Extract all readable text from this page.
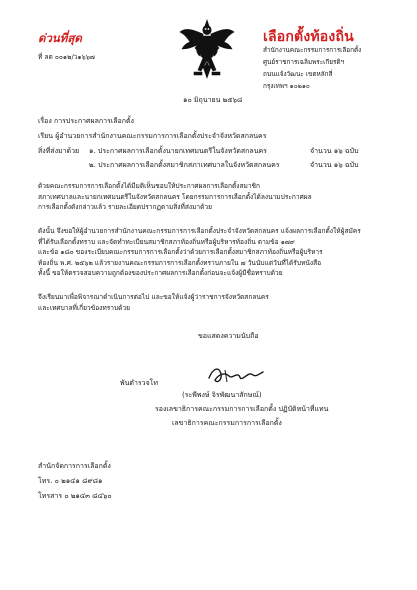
ด่วนที่สุด
ที่ ลต ๐๐๑๒/ว๑๖๖๗
เลือกตั้งท้องถิ่น
สำนักงานคณะกรรมการการเลือกตั้ง
ศูนย์ราชการเฉลิมพระเกียรติฯ
ถนนแจ้งวัฒนะ เขตหลักสี่
กรุงเทพฯ ๑๐๒๑๐
๑๐ มิถุนายน ๒๕๖๘
เรื่อง การประกาศผลการเลือกตั้ง
เรียน ผู้อำนวยการสำนักงานคณะกรรมการการเลือกตั้งประจำจังหวัดสกลนคร
สิ่งที่ส่งมาด้วย ๑. ประกาศผลการเลือกตั้งนายกเทศมนตรีในจังหวัดสกลนคร	จำนวน ๑๖ ฉบับ
๒. ประกาศผลการเลือกตั้งสมาชิกสภาเทศบาลในจังหวัดสกลนคร	จำนวน ๑๖ ฉบับ
ด้วยคณะกรรมการการเลือกตั้งได้มีมติเห็นชอบให้ประกาศผลการเลือกตั้งสมาชิก
สภาเทศบาลและนายกเทศมนตรีในจังหวัดสกลนคร โดยกรรมการการเลือกตั้งได้ลงนามประกาศผล
การเลือกตั้งดังกล่าวแล้ว รายละเอียดปรากฏตามสิ่งที่ส่งมาด้วย
ดังนั้น จึงขอให้ผู้อำนวยการสำนักงานคณะกรรมการการเลือกตั้งประจำจังหวัดสกลนคร แจ้งผลการเลือกตั้งให้ผู้สมัคร
ที่ได้รับเลือกตั้งทราบ และจัดทำทะเบียนสมาชิกสภาท้องถิ่นหรือผู้บริหารท้องถิ่น ตามข้อ ๑๗๙
และข้อ ๑๘๐ ของระเบียบคณะกรรมการการเลือกตั้งว่าด้วยการเลือกตั้งสมาชิกสภาท้องถิ่นหรือผู้บริหาร
ท้องถิ่น พ.ศ. ๒๕๖๒ แล้วรายงานคณะกรรมการการเลือกตั้งทราบภายใน ๗ วันนับแต่วันที่ได้รับหนังสือ
ทั้งนี้ ขอให้ตรวจสอบความถูกต้องของประกาศผลการเลือกตั้งก่อนจะแจ้งผู้มีชื่อทราบด้วย
จึงเรียนมาเพื่อพิจารณาดำเนินการต่อไป และขอให้แจ้งผู้ว่าราชการจังหวัดสกลนคร
และเทศบาลที่เกี่ยวข้องทราบด้วย
ขอแสดงความนับถือ
พันตำรวจโท
(ระพีพงษ์ จิรพัฒนาสักษณ์)
รองเลขาธิการคณะกรรมการการเลือกตั้ง ปฏิบัติหน้าที่แทน
เลขาธิการคณะกรรมการการเลือกตั้ง
สำนักจัดการการเลือกตั้ง
โทร. ๐ ๒๑๔๑ ๘๙๘๑
โทรสาร ๐ ๒๑๔๓ ๘๔๖๐
